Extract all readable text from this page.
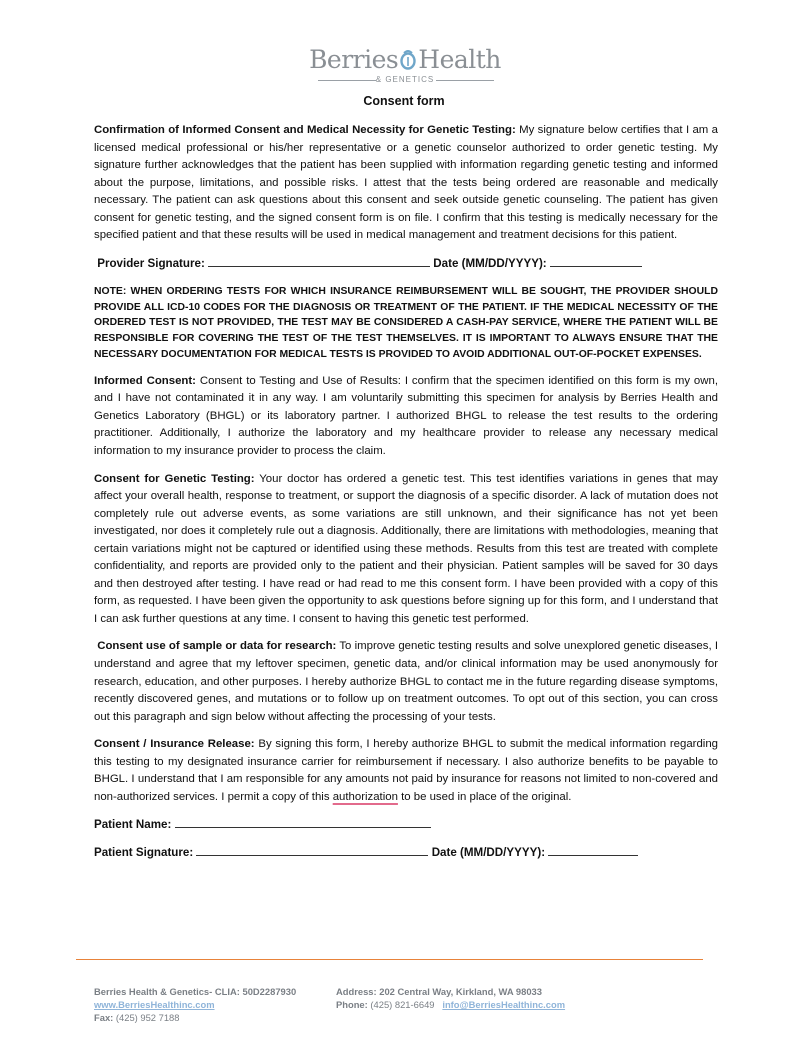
Berries Health
& GENETICS
Consent form

Confirmation of Informed Consent and Medical Necessity for Genetic Testing: My signature below certifies that I am a licensed medical professional or his/her representative or a genetic counselor authorized to order genetic testing. My signature further acknowledges that the patient has been supplied with information regarding genetic testing and informed about the purpose, limitations, and possible risks. I attest that the tests being ordered are reasonable and medically necessary. The patient can ask questions about this consent and seek outside genetic counseling. The patient has given consent for genetic testing, and the signed consent form is on file. I confirm that this testing is medically necessary for the specified patient and that these results will be used in medical management and treatment decisions for this patient.

Provider Signature:	Date (MM/DD/YYYY):

NOTE: WHEN ORDERING TESTS FOR WHICH INSURANCE REIMBURSEMENT WILL BE SOUGHT, THE PROVIDER SHOULD PROVIDE ALL ICD-10 CODES FOR THE DIAGNOSIS OR TREATMENT OF THE PATIENT. IF THE MEDICAL NECESSITY OF THE ORDERED TEST IS NOT PROVIDED, THE TEST MAY BE CONSIDERED A CASH-PAY SERVICE, WHERE THE PATIENT WILL BE RESPONSIBLE FOR COVERING THE TEST OF THE TEST THEMSELVES. IT IS IMPORTANT TO ALWAYS ENSURE THAT THE NECESSARY DOCUMENTATION FOR MEDICAL TESTS IS PROVIDED TO AVOID ADDITIONAL OUT-OF-POCKET EXPENSES.

Informed Consent: Consent to Testing and Use of Results: I confirm that the specimen identified on this form is my own, and I have not contaminated it in any way. I am voluntarily submitting this specimen for analysis by Berries Health and Genetics Laboratory (BHGL) or its laboratory partner. I authorized BHGL to release the test results to the ordering practitioner. Additionally, I authorize the laboratory and my healthcare provider to release any necessary medical information to my insurance provider to process the claim.

Consent for Genetic Testing: Your doctor has ordered a genetic test. This test identifies variations in genes that may affect your overall health, response to treatment, or support the diagnosis of a specific disorder. A lack of mutation does not completely rule out adverse events, as some variations are still unknown, and their significance has not yet been investigated, nor does it completely rule out a diagnosis. Additionally, there are limitations with methodologies, meaning that certain variations might not be captured or identified using these methods. Results from this test are treated with complete confidentiality, and reports are provided only to the patient and their physician. Patient samples will be saved for 30 days and then destroyed after testing. I have read or had read to me this consent form. I have been provided with a copy of this form, as requested. I have been given the opportunity to ask questions before signing up for this form, and I understand that I can ask further questions at any time. I consent to having this genetic test performed.

Consent use of sample or data for research: To improve genetic testing results and solve unexplored genetic diseases, I understand and agree that my leftover specimen, genetic data, and/or clinical information may be used anonymously for research, education, and other purposes. I hereby authorize BHGL to contact me in the future regarding disease symptoms, recently discovered genes, and mutations or to follow up on treatment outcomes. To opt out of this section, you can cross out this paragraph and sign below without affecting the processing of your tests.

Consent / Insurance Release: By signing this form, I hereby authorize BHGL to submit the medical information regarding this testing to my designated insurance carrier for reimbursement if necessary. I also authorize benefits to be payable to BHGL. I understand that I am responsible for any amounts not paid by insurance for reasons not limited to non-covered and non-authorized services. I permit a copy of this authorization to be used in place of the original.

Patient Name:
Patient Signature:	Date (MM/DD/YYYY):
Berries Health & Genetics- CLIA: 50D2287930	Address: 202 Central Way, Kirkland, WA 98033
www.BerriesHealthinc.com	Phone: (425) 821-6649 info@BerriesHealthinc.com
Fax: (425) 952 7188
